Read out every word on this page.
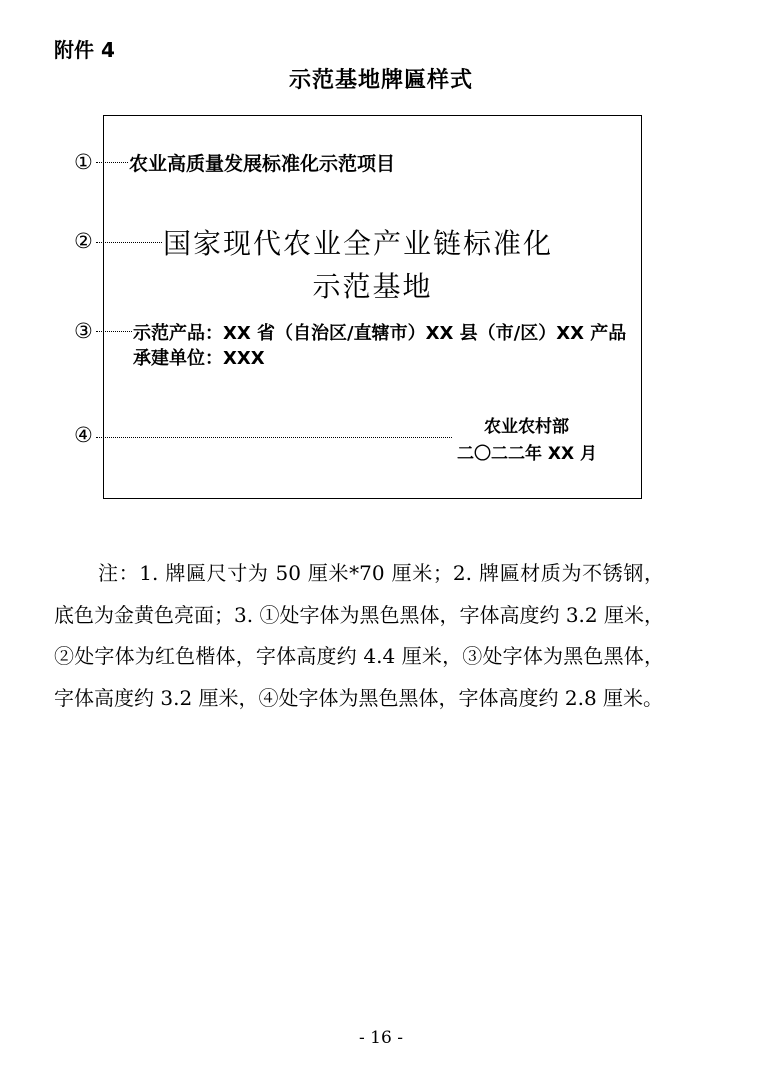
附件 4
示范基地牌匾样式
① 农业高质量发展标准化示范项目
②	国家现代农业全产业链标准化
示范基地
③ 示范产品：XX 省（自治区/直辖市）XX 县（市/区）XX 产品
承建单位：XXX
④	农业农村部
二〇二二年 XX 月

注：1. 牌匾尺寸为 50 厘米*70 厘米；2. 牌匾材质为不锈钢，底色为金黄色亮面；3. ①处字体为黑色黑体，字体高度约 3.2 厘米，②处字体为红色楷体，字体高度约 4.4 厘米，③处字体为黑色黑体，字体高度约 3.2 厘米，④处字体为黑色黑体，字体高度约 2.8 厘米。

- 16 -
